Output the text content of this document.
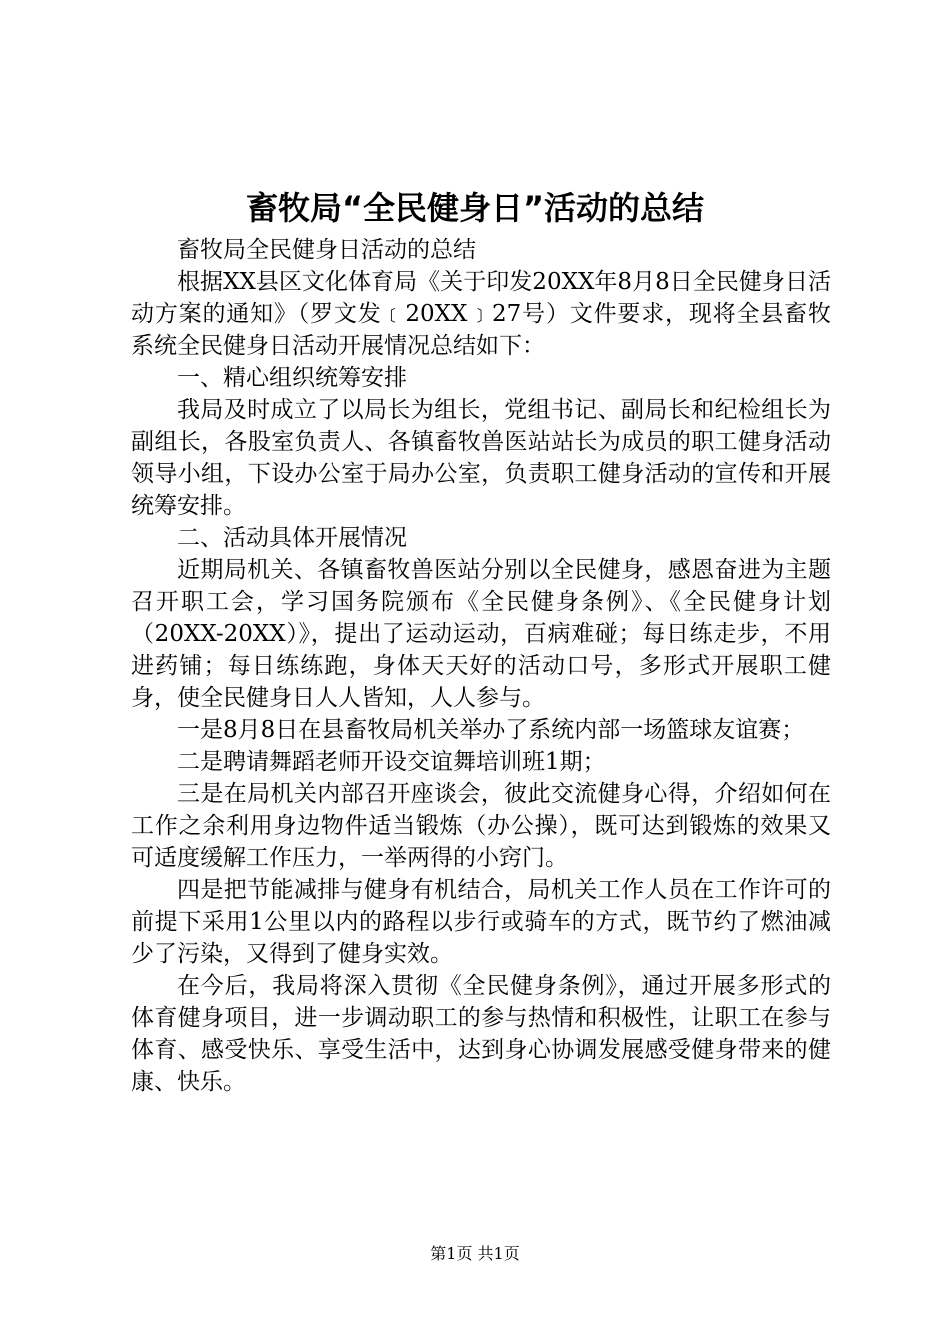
畜牧局“全民健身日”活动的总结

畜牧局全民健身日活动的总结

根据XX县区文化体育局《关于印发20XX年8月8日全民健身日活动方案的通知》（罗文发﹝20XX﹞27号）文件要求，现将全县畜牧系统全民健身日活动开展情况总结如下：

一、精心组织统筹安排

我局及时成立了以局长为组长，党组书记、副局长和纪检组长为副组长，各股室负责人、各镇畜牧兽医站站长为成员的职工健身活动领导小组，下设办公室于局办公室，负责职工健身活动的宣传和开展统筹安排。

二、活动具体开展情况

近期局机关、各镇畜牧兽医站分别以全民健身，感恩奋进为主题召开职工会，学习国务院颁布《全民健身条例》、《全民健身计划（20XX-20XX）》，提出了运动运动，百病难碰；每日练走步，不用进药铺；每日练练跑，身体天天好的活动口号，多形式开展职工健身，使全民健身日人人皆知，人人参与。

一是8月8日在县畜牧局机关举办了系统内部一场篮球友谊赛；

二是聘请舞蹈老师开设交谊舞培训班1期；

三是在局机关内部召开座谈会，彼此交流健身心得，介绍如何在工作之余利用身边物件适当锻炼（办公操），既可达到锻炼的效果又可适度缓解工作压力，一举两得的小窍门。

四是把节能减排与健身有机结合，局机关工作人员在工作许可的前提下采用1公里以内的路程以步行或骑车的方式，既节约了燃油减少了污染，又得到了健身实效。

在今后，我局将深入贯彻《全民健身条例》，通过开展多形式的体育健身项目，进一步调动职工的参与热情和积极性，让职工在参与体育、感受快乐、享受生活中，达到身心协调发展感受健身带来的健康、快乐。

第1页 共1页
